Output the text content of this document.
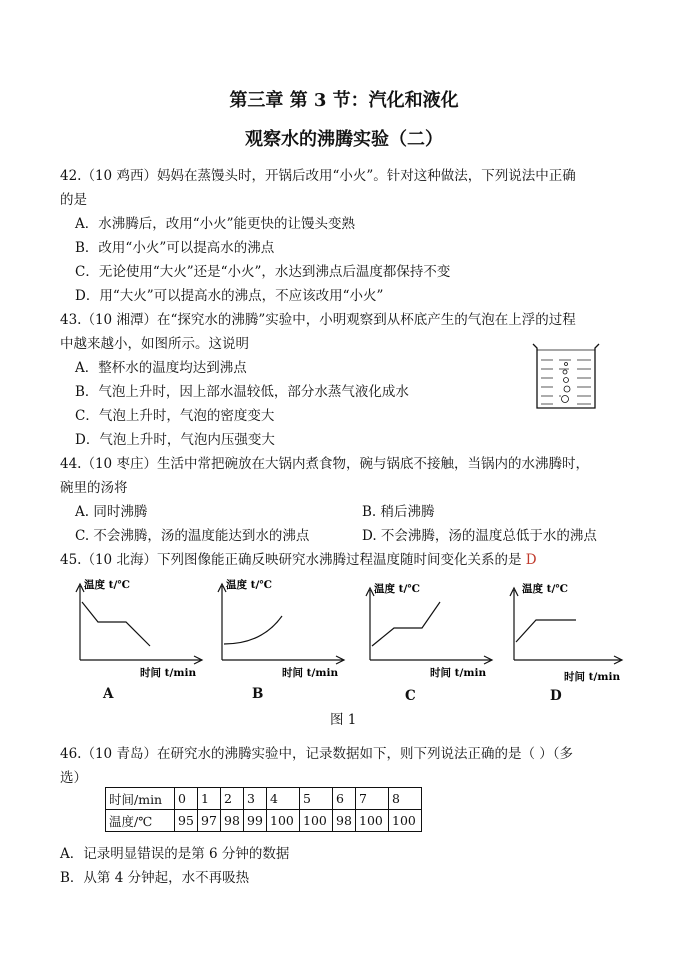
第三章 第 3 节：汽化和液化
观察水的沸腾实验（二）
42.（10 鸡西）妈妈在蒸馒头时，开锅后改用“小火”。针对这种做法，下列说法中正确
的是
A．水沸腾后，改用“小火”能更快的让馒头变熟
B．改用“小火”可以提高水的沸点
C．无论使用“大火”还是“小火”，水达到沸点后温度都保持不变
D．用“大火”可以提高水的沸点，不应该改用“小火”
43.（10 湘潭）在“探究水的沸腾”实验中，小明观察到从杯底产生的气泡在上浮的过程
中越来越小，如图所示。这说明
A．整杯水的温度均达到沸点
B．气泡上升时，因上部水温较低，部分水蒸气液化成水
C．气泡上升时，气泡的密度变大
D．气泡上升时，气泡内压强变大
44.（10 枣庄）生活中常把碗放在大锅内煮食物，碗与锅底不接触，当锅内的水沸腾时，
碗里的汤将
A. 同时沸腾	B. 稍后沸腾
C. 不会沸腾，汤的温度能达到水的沸点	D. 不会沸腾，汤的温度总低于水的沸点
45.（10 北海）下列图像能正确反映研究水沸腾过程温度随时间变化关系的是 D
温度 t/℃
时间 t/min
A
温度 t/℃
时间 t/min
B
温度 t/℃
时间 t/min
C
温度 t/℃
时间 t/min
D
图 1
46.（10 青岛）在研究水的沸腾实验中，记录数据如下，则下列说法正确的是（ ）（多
选）
时间/min	0	1	2	3	4	5	6	7	8
温度/℃	95	97	98	99	100	100	98	100	100
A．记录明显错误的是第 6 分钟的数据
B．从第 4 分钟起，水不再吸热
